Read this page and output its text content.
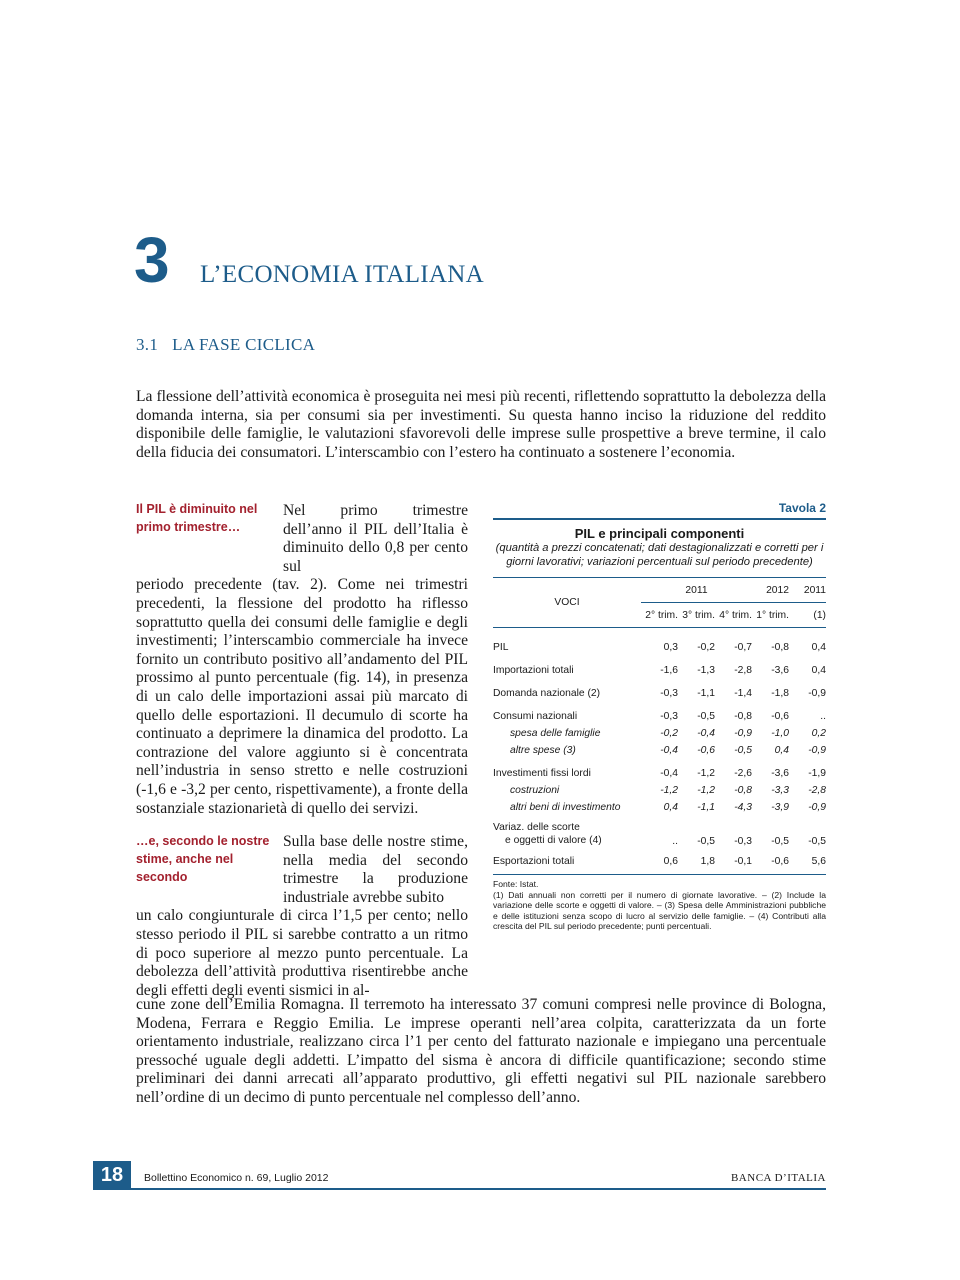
3 L’ECONOMIA ITALIANA
3.1 LA FASE CICLICA
La flessione dell’attività economica è proseguita nei mesi più recenti, riflettendo soprattutto la debolezza della domanda interna, sia per consumi sia per investimenti. Su questa hanno inciso la riduzione del reddito disponibile delle famiglie, le valutazioni sfavorevoli delle imprese sulle prospettive a breve termine, il calo della fiducia dei consumatori. L’interscambio con l’estero ha continuato a sostenere l’economia.
Il PIL è diminuito nel primo trimestre…
…e, secondo le nostre stime, anche nel secondo
Nel primo trimestre dell’anno il PIL dell’Italia è diminuito dello 0,8 per cento sul
periodo precedente (tav. 2). Come nei trimestri precedenti, la flessione del prodotto ha riflesso soprattutto quella dei consumi delle famiglie e degli investimenti; l’interscambio commerciale ha invece fornito un contributo positivo all’andamento del PIL prossimo al punto percentuale (fig. 14), in presenza di un calo delle importazioni assai più marcato di quello delle esportazioni. Il decumulo di scorte ha continuato a deprimere la dinamica del prodotto. La contrazione del valore aggiunto si è concentrata nell’industria in senso stretto e nelle costruzioni (-1,6 e -3,2 per cento, rispettivamente), a fronte della sostanziale stazionarietà di quello dei servizi.
Sulla base delle nostre stime, nella media del secondo trimestre la produzione industriale avrebbe subito
un calo congiunturale di circa l’1,5 per cento; nello stesso periodo il PIL si sarebbe contratto a un ritmo di poco superiore al mezzo punto percentuale. La debolezza dell’attività produttiva risentirebbe anche degli effetti degli eventi sismici in al-
cune zone dell’Emilia Romagna. Il terremoto ha interessato 37 comuni compresi nelle province di Bologna, Modena, Ferrara e Reggio Emilia. Le imprese operanti nell’area colpita, caratterizzata da un forte orientamento industriale, realizzano circa l’1 per cento del fatturato nazionale e impiegano una percentuale pressoché uguale degli addetti. L’impatto del sisma è ancora di difficile quantificazione; secondo stime preliminari dei danni arrecati all’apparato produttivo, gli effetti negativi sul PIL nazionale sarebbero nell’ordine di un decimo di punto percentuale nel complesso dell’anno.
Tavola 2
PIL e principali componenti
(quantità a prezzi concatenati; dati destagionalizzati e corretti per i giorni lavorativi; variazioni percentuali sul periodo precedente)
VOCI	2011			2012	2011
	2° trim.	3° trim.	4° trim.	1° trim.	(1)

PIL	0,3	-0,2	-0,7	-0,8	0,4

Importazioni totali	-1,6	-1,3	-2,8	-3,6	0,4

Domanda nazionale (2)	-0,3	-1,1	-1,4	-1,8	-0,9

Consumi nazionali	-0,3	-0,5	-0,8	-0,6	..
spesa delle famiglie	-0,2	-0,4	-0,9	-1,0	0,2
altre spese (3)	-0,4	-0,6	-0,5	0,4	-0,9

Investimenti fissi lordi	-0,4	-1,2	-2,6	-3,6	-1,9
costruzioni	-1,2	-1,2	-0,8	-3,3	-2,8
altri beni di investimento	0,4	-1,1	-4,3	-3,9	-0,9

Variaz. delle scorte
e oggetti di valore (4)	..	-0,5	-0,3	-0,5	-0,5

Esportazioni totali	0,6	1,8	-0,1	-0,6	5,6

Fonte: Istat.
(1) Dati annuali non corretti per il numero di giornate lavorative. – (2) Include la variazione delle scorte e oggetti di valore. – (3) Spesa delle Amministrazioni pubbliche e delle istituzioni senza scopo di lucro al servizio delle famiglie. – (4) Contributi alla crescita del PIL sul periodo precedente; punti percentuali.
18	Bollettino Economico n. 69, Luglio 2012	BANCA D’ITALIA
